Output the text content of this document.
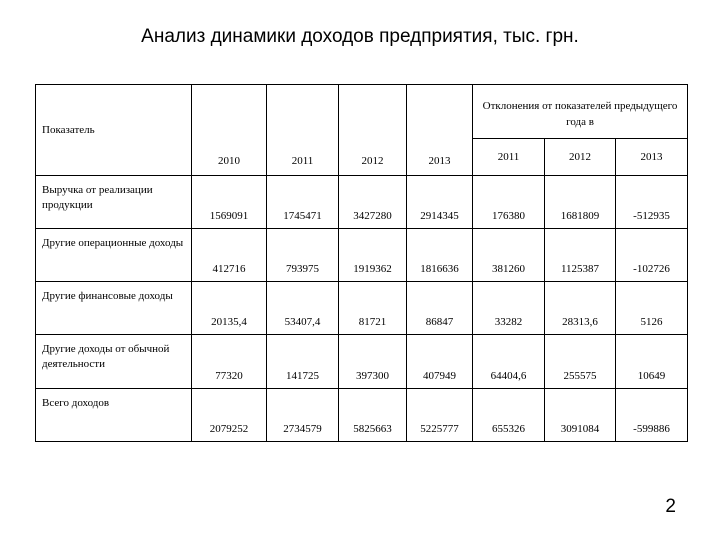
Анализ динамики доходов предприятия, тыс. грн.
Показатель	2010	2011	2012	2013	Отклонения от показателей предыдущего года в		
					2011	2012	2013
Выручка от реализации продукции	1569091	1745471	3427280	2914345	176380	1681809	-512935
Другие операционные доходы	412716	793975	1919362	1816636	381260	1125387	-102726
Другие финансовые доходы	20135,4	53407,4	81721	86847	33282	28313,6	5126
Другие доходы от обычной деятельности	77320	141725	397300	407949	64404,6	255575	10649
Всего доходов	2079252	2734579	5825663	5225777	655326	3091084	-599886
2
